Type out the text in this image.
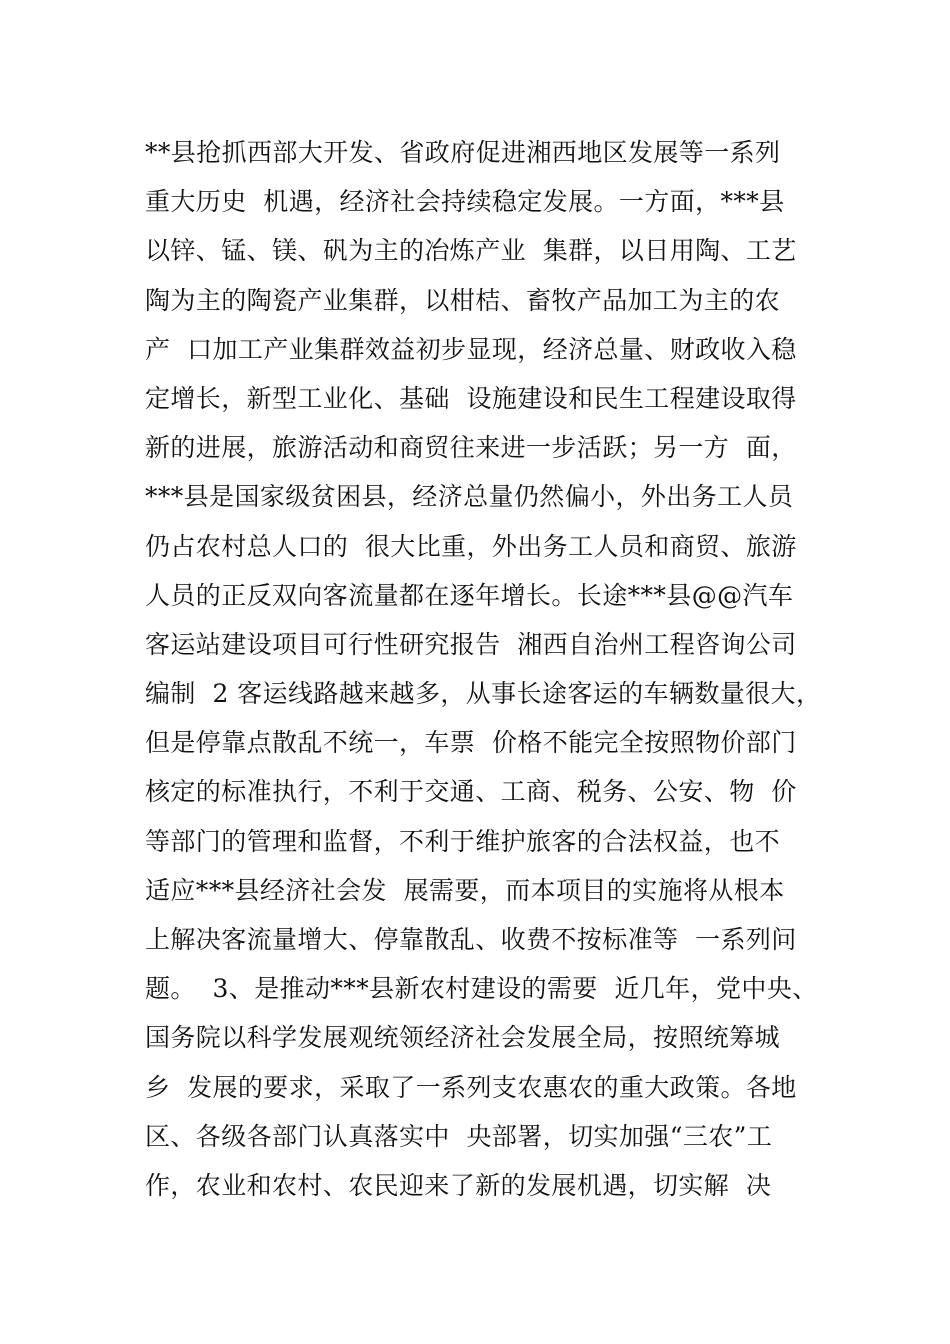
**县抢抓西部大开发、省政府促进湘西地区发展等一系列
重大历史  机遇，经济社会持续稳定发展。一方面，***县
以锌、锰、镁、矾为主的冶炼产业  集群，以日用陶、工艺
陶为主的陶瓷产业集群，以柑桔、畜牧产品加工为主的农
产  口加工产业集群效益初步显现，经济总量、财政收入稳
定增长，新型工业化、基础  设施建设和民生工程建设取得
新的进展，旅游活动和商贸往来进一步活跃；另一方  面，
***县是国家级贫困县，经济总量仍然偏小，外出务工人员
仍占农村总人口的  很大比重，外出务工人员和商贸、旅游
人员的正反双向客流量都在逐年增长。长途***县@@汽车
客运站建设项目可行性研究报告  湘西自治州工程咨询公司
编制  2 客运线路越来越多，从事长途客运的车辆数量很大，
但是停靠点散乱不统一，车票  价格不能完全按照物价部门
核定的标准执行，不利于交通、工商、税务、公安、物  价
等部门的管理和监督，不利于维护旅客的合法权益，也不
适应***县经济社会发  展需要，而本项目的实施将从根本
上解决客流量增大、停靠散乱、收费不按标准等  一系列问
题。  3、是推动***县新农村建设的需要  近几年，党中央、
国务院以科学发展观统领经济社会发展全局，按照统筹城
乡  发展的要求，采取了一系列支农惠农的重大政策。各地
区、各级各部门认真落实中  央部署，切实加强“三农”工
作，农业和农村、农民迎来了新的发展机遇，切实解  决
